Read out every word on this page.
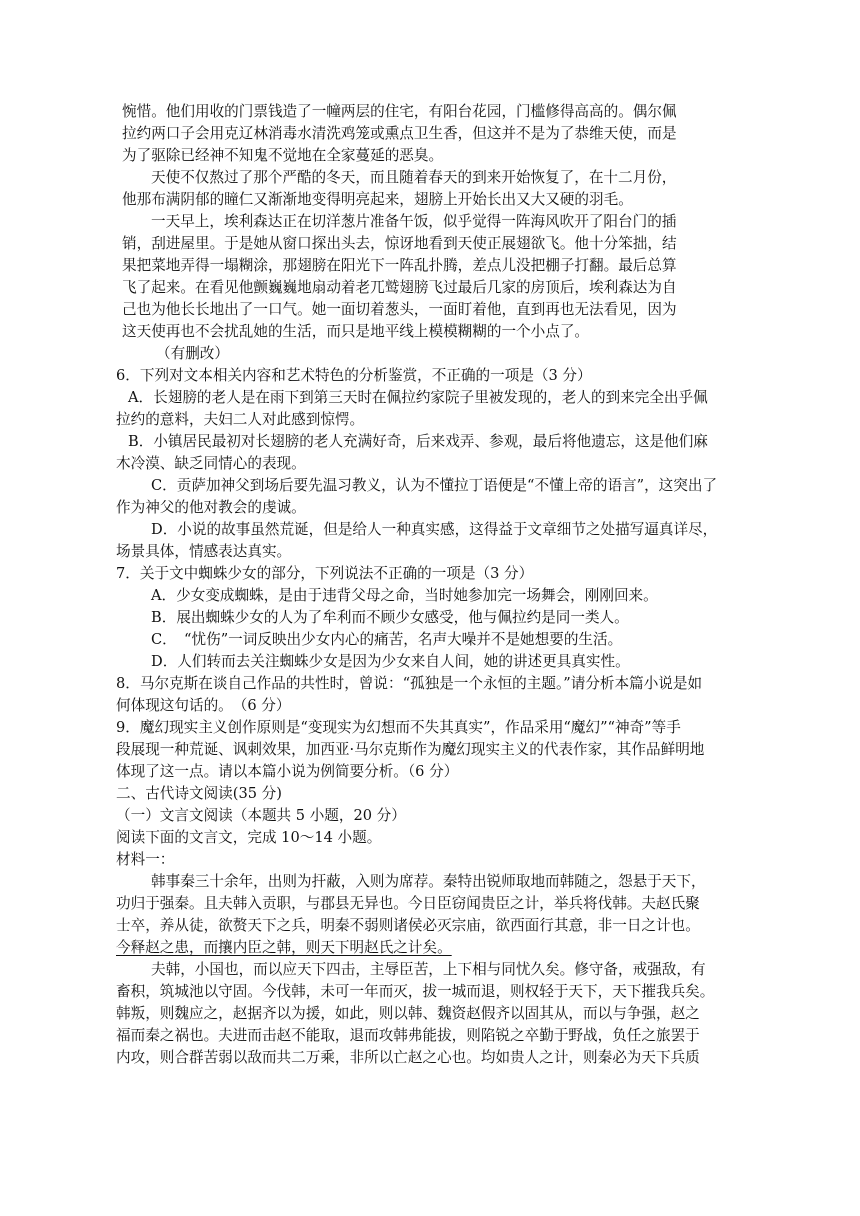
惋惜。他们用收的门票钱造了一幢两层的住宅，有阳台花园，门槛修得高高的。偶尔佩
拉约两口子会用克辽林消毒水清洗鸡笼或熏点卫生香，但这并不是为了恭维天使，而是
为了驱除已经神不知鬼不觉地在全家蔓延的恶臭。
天使不仅熬过了那个严酷的冬天，而且随着春天的到来开始恢复了，在十二月份，
他那布满阴郁的瞳仁又渐渐地变得明亮起来，翅膀上开始长出又大又硬的羽毛。
一天早上，埃利森达正在切洋葱片准备午饭，似乎觉得一阵海风吹开了阳台门的插
销，刮进屋里。于是她从窗口探出头去，惊讶地看到天使正展翅欲飞。他十分笨拙，结
果把菜地弄得一塌糊涂，那翅膀在阳光下一阵乱扑腾，差点儿没把棚子打翻。最后总算
飞了起来。在看见他颤巍巍地扇动着老兀鹫翅膀飞过最后几家的房顶后，埃利森达为自
己也为他长长地出了一口气。她一面切着葱头，一面盯着他，直到再也无法看见，因为
这天使再也不会扰乱她的生活，而只是地平线上模模糊糊的一个小点了。
（有删改）
6．下列对文本相关内容和艺术特色的分析鉴赏，不正确的一项是（3 分）
A．长翅膀的老人是在雨下到第三天时在佩拉约家院子里被发现的，老人的到来完全出乎佩
拉约的意料，夫妇二人对此感到惊愕。
B．小镇居民最初对长翅膀的老人充满好奇，后来戏弄、参观，最后将他遗忘，这是他们麻
木冷漠、缺乏同情心的表现。
C．贡萨加神父到场后要先温习教义，认为不懂拉丁语便是“不懂上帝的语言”，这突出了
作为神父的他对教会的虔诚。
D．小说的故事虽然荒诞，但是给人一种真实感，这得益于文章细节之处描写逼真详尽，
场景具体，情感表达真实。
7．关于文中蜘蛛少女的部分，下列说法不正确的一项是（3 分）
A．少女变成蜘蛛，是由于违背父母之命，当时她参加完一场舞会，刚刚回来。
B．展出蜘蛛少女的人为了牟利而不顾少女感受，他与佩拉约是同一类人。
C．　“忧伤”一词反映出少女内心的痛苦，名声大噪并不是她想要的生活。
D．人们转而去关注蜘蛛少女是因为少女来自人间，她的讲述更具真实性。
8．马尔克斯在谈自己作品的共性时，曾说：“孤独是一个永恒的主题。”请分析本篇小说是如
何体现这句话的。　（6 分）
9．魔幻现实主义创作原则是“变现实为幻想而不失其真实”，作品采用“魔幻”“神奇”等手
段展现一种荒诞、讽刺效果，加西亚·马尔克斯作为魔幻现实主义的代表作家，其作品鲜明地
体现了这一点。请以本篇小说为例简要分析。（6 分）
二、古代诗文阅读(35 分)
（一）文言文阅读（本题共 5 小题，20 分）
阅读下面的文言文，完成 10～14 小题。
材料一：
韩事秦三十余年，出则为扞蔽，入则为席荐。秦特出锐师取地而韩随之，怨悬于天下，
功归于强秦。且夫韩入贡职，与郡县无异也。今日臣窃闻贵臣之计，举兵将伐韩。夫赵氏聚
士卒，养从徒，欲赘天下之兵，明秦不弱则诸侯必灭宗庙，欲西面行其意，非一日之计也。
今释赵之患，而攘内臣之韩，则天下明赵氏之计矣。
夫韩，小国也，而以应天下四击，主辱臣苦，上下相与同忧久矣。修守备，戒强敌，有
畜积，筑城池以守固。今伐韩，未可一年而灭，拔一城而退，则权轻于天下，天下摧我兵矣。
韩叛，则魏应之，赵据齐以为援，如此，则以韩、魏资赵假齐以固其从，而以与争强，赵之
福而秦之祸也。夫进而击赵不能取，退而攻韩弗能拔，则陷锐之卒勤于野战，负任之旅罢于
内攻，则合群苦弱以敌而共二万乘，非所以亡赵之心也。均如贵人之计，则秦必为天下兵质
